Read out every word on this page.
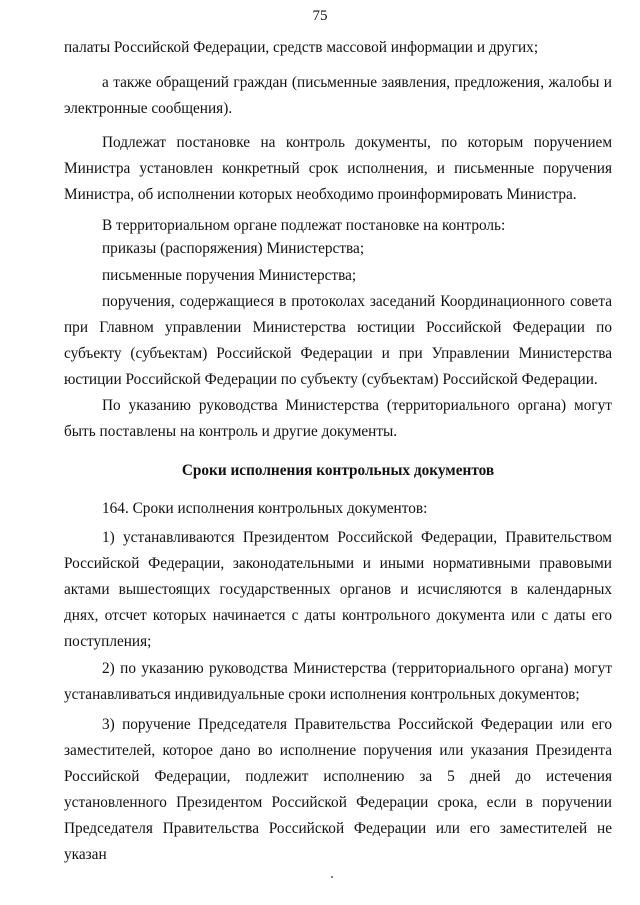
75

палаты Российской Федерации, средств массовой информации и других;

а также обращений граждан (письменные заявления, предложения, жалобы и электронные сообщения).

Подлежат постановке на контроль документы, по которым поручением Министра установлен конкретный срок исполнения, и письменные поручения Министра, об исполнении которых необходимо проинформировать Министра.

В территориальном органе подлежат постановке на контроль:

приказы (распоряжения) Министерства;

письменные поручения Министерства;

поручения, содержащиеся в протоколах заседаний Координационного совета при Главном управлении Министерства юстиции Российской Федерации по субъекту (субъектам) Российской Федерации и при Управлении Министерства юстиции Российской Федерации по субъекту (субъектам) Российской Федерации.

По указанию руководства Министерства (территориального органа) могут быть поставлены на контроль и другие документы.

Сроки исполнения контрольных документов

164. Сроки исполнения контрольных документов:

1) устанавливаются Президентом Российской Федерации, Правительством Российской Федерации, законодательными и иными нормативными правовыми актами вышестоящих государственных органов и исчисляются в календарных днях, отсчет которых начинается с даты контрольного документа или с даты его поступления;

2) по указанию руководства Министерства (территориального органа) могут устанавливаться индивидуальные сроки исполнения контрольных документов;

3) поручение Председателя Правительства Российской Федерации или его заместителей, которое дано во исполнение поручения или указания Президента Российской Федерации, подлежит исполнению за 5 дней до истечения установленного Президентом Российской Федерации срока, если в поручении Председателя Правительства Российской Федерации или его заместителей не указан
